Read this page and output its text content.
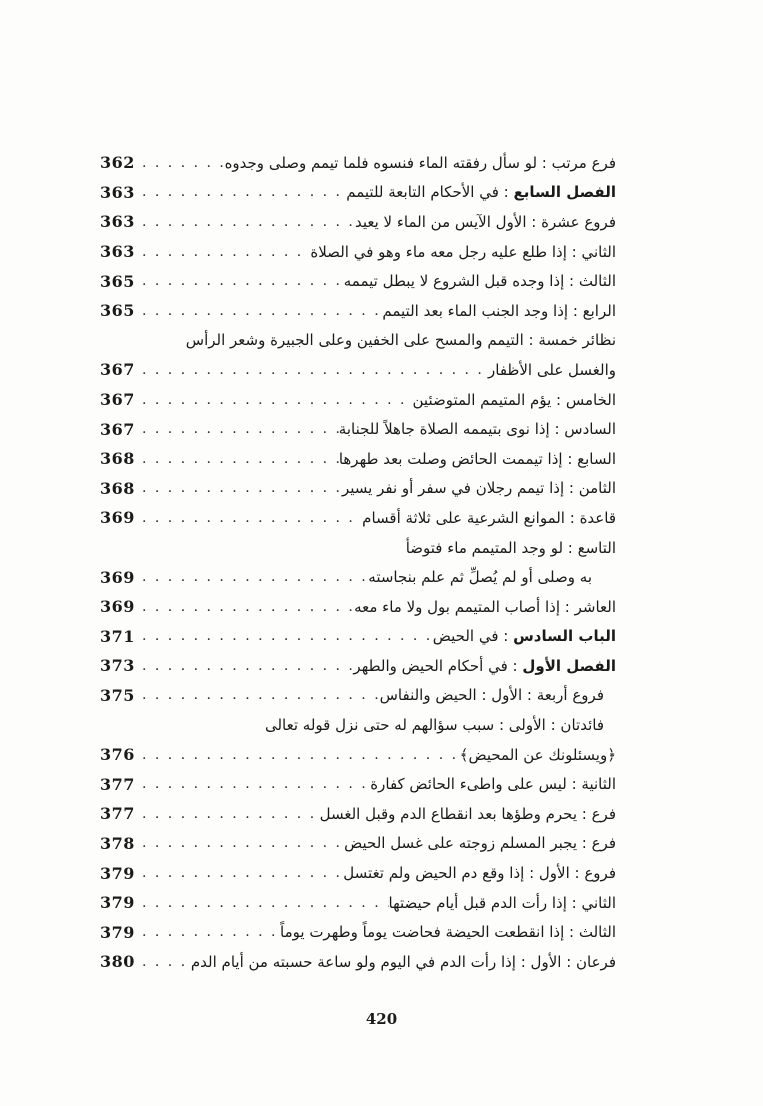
362 . . .	فرع مرتب : لو سأل رفقته الماء فنسوه فلما تيمم وصلى وجدوه
363 . . .	الفصل السابع : في الأحكام التابعة للتيمم
363 . . .	فروع عشرة : الأول الآيس من الماء لا يعيد
363 . . .	الثاني : إذا طلع عليه رجل معه ماء وهو في الصلاة
365 . . .	الثالث : إذا وجده قبل الشروع لا يبطل تيممه
365 . . .	الرابع : إذا وجد الجنب الماء بعد التيمم
نظائر خمسة : التيمم والمسح على الخفين وعلى الجبيرة وشعر الرأس
367 . . .	والغسل على الأظفار
367 . . .	الخامس : يؤم المتيمم المتوضئين
367 . . .	السادس : إذا نوى بتيممه الصلاة جاهلاً للجنابة
368 . . .	السابع : إذا تيممت الحائض وصلت بعد طهرها
368 . . .	الثامن : إذا تيمم رجلان في سفر أو نفر يسير
369 . . .	قاعدة : الموانع الشرعية على ثلاثة أقسام
التاسع : لو وجد المتيمم ماء فتوضأ
369 . . .	به وصلى أو لم يُصلِّ ثم علم بنجاسته
369 . . .	العاشر : إذا أصاب المتيمم بول ولا ماء معه
371 . . .	الباب السادس : في الحيض
373 . . .	الفصل الأول : في أحكام الحيض والطهر
375 . . .	فروع أربعة : الأول : الحيض والنفاس
فائدتان : الأولى : سبب سؤالهم له حتى نزل قوله تعالى
376 . . .	﴿ويسئلونك عن المحيض﴾
377 . . .	الثانية : ليس على واطىء الحائض كفارة
377 . . .	فرع : يحرم وطؤها بعد انقطاع الدم وقبل الغسل
378 . . .	فرع : يجبر المسلم زوجته على غسل الحيض
379 . . .	فروع : الأول : إذا وقع دم الحيض ولم تغتسل
379 . . .	الثاني : إذا رأت الدم قبل أيام حيضتها
379 . . .	الثالث : إذا انقطعت الحيضة فحاضت يوماً وطهرت يوماً
380 . . .	فرعان : الأول : إذا رأت الدم في اليوم ولو ساعة حسبته من أيام الدم
420
